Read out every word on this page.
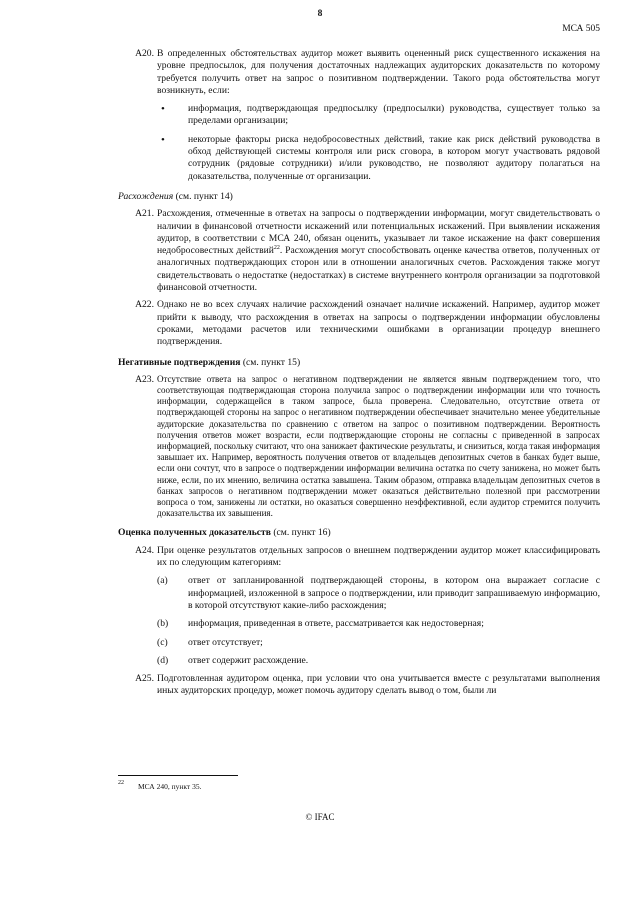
8
МСА 505
A20. В определенных обстоятельствах аудитор может выявить оцененный риск существенного искажения на уровне предпосылок, для получения достаточных надлежащих аудиторских доказательств по которому требуется получить ответ на запрос о позитивном подтверждении. Такого рода обстоятельства могут возникнуть, если:
• информация, подтверждающая предпосылку (предпосылки) руководства, существует только за пределами организации;
• некоторые факторы риска недобросовестных действий, такие как риск действий руководства в обход действующей системы контроля или риск сговора, в котором могут участвовать рядовой сотрудник (рядовые сотрудники) и/или руководство, не позволяют аудитору полагаться на доказательства, полученные от организации.
Расхождения (см. пункт 14)
A21. Расхождения, отмеченные в ответах на запросы о подтверждении информации, могут свидетельствовать о наличии в финансовой отчетности искажений или потенциальных искажений. При выявлении искажения аудитор, в соответствии с МСА 240, обязан оценить, указывает ли такое искажение на факт совершения недобросовестных действий$^{22}$. Расхождения могут способствовать оценке качества ответов, полученных от аналогичных подтверждающих сторон или в отношении аналогичных счетов. Расхождения также могут свидетельствовать о недостатке (недостатках) в системе внутреннего контроля организации за подготовкой финансовой отчетности.
A22. Однако не во всех случаях наличие расхождений означает наличие искажений. Например, аудитор может прийти к выводу, что расхождения в ответах на запросы о подтверждении информации обусловлены сроками, методами расчетов или техническими ошибками в организации процедур внешнего подтверждения.
Негативные подтверждения (см. пункт 15)
A23. Отсутствие ответа на запрос о негативном подтверждении не является явным подтверждением того, что соответствующая подтверждающая сторона получила запрос о подтверждении информации или что точность информации, содержащейся в таком запросе, была проверена. Следовательно, отсутствие ответа от подтверждающей стороны на запрос о негативном подтверждении обеспечивает значительно менее убедительные аудиторские доказательства по сравнению с ответом на запрос о позитивном подтверждении. Вероятность получения ответов может возрасти, если подтверждающие стороны не согласны с приведенной в запросах информацией, поскольку считают, что она занижает фактические результаты, и снизиться, когда такая информация завышает их. Например, вероятность получения ответов от владельцев депозитных счетов в банках будет выше, если они сочтут, что в запросе о подтверждении информации величина остатка по счету занижена, но может быть ниже, если, по их мнению, величина остатка завышена. Таким образом, отправка владельцам депозитных счетов в банках запросов о негативном подтверждении может оказаться действительно полезной при рассмотрении вопроса о том, занижены ли остатки, но оказаться совершенно неэффективной, если аудитор стремится получить доказательства их завышения.
Оценка полученных доказательств (см. пункт 16)
A24. При оценке результатов отдельных запросов о внешнем подтверждении аудитор может классифицировать их по следующим категориям:
(a) ответ от запланированной подтверждающей стороны, в котором она выражает согласие с информацией, изложенной в запросе о подтверждении, или приводит запрашиваемую информацию, в которой отсутствуют какие-либо расхождения;
(b) информация, приведенная в ответе, рассматривается как недостоверная;
(c) ответ отсутствует;
(d) ответ содержит расхождение.
A25. Подготовленная аудитором оценка, при условии что она учитывается вместе с результатами выполнения иных аудиторских процедур, может помочь аудитору сделать вывод о том, были ли
22 МСА 240, пункт 35.
© IFAC
